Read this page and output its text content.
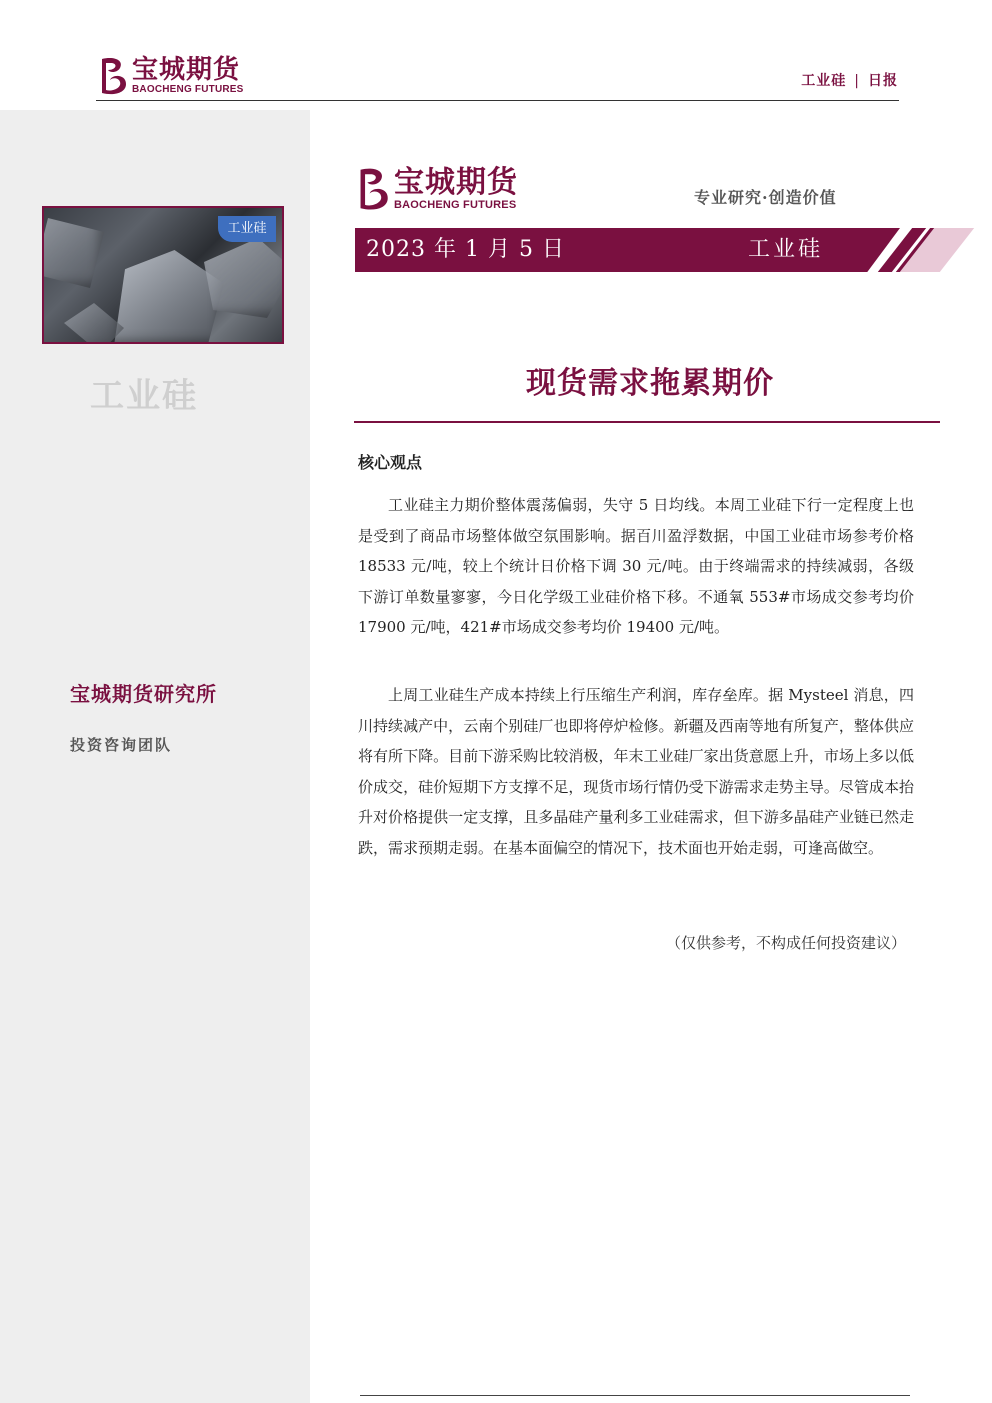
宝城期货
BAOCHENG FUTURES
工业硅 | 日报
工业硅
工业硅
宝城期货研究所
投资咨询团队
宝城期货
BAOCHENG FUTURES	专业研究·创造价值
2023 年 1 月 5 日	工业硅
现货需求拖累期价
核心观点

工业硅主力期价整体震荡偏弱，失守 5 日均线。本周工业硅下行一定程度上也是受到了商品市场整体做空氛围影响。据百川盈浮数据，中国工业硅市场参考价格 18533 元/吨，较上个统计日价格下调 30 元/吨。由于终端需求的持续减弱，各级下游订单数量寥寥，今日化学级工业硅价格下移。不通氧 553#市场成交参考均价 17900 元/吨，421#市场成交参考均价 19400 元/吨。

上周工业硅生产成本持续上行压缩生产利润，库存垒库。据 Mysteel 消息，四川持续减产中，云南个别硅厂也即将停炉检修。新疆及西南等地有所复产，整体供应将有所下降。目前下游采购比较消极，年末工业硅厂家出货意愿上升，市场上多以低价成交，硅价短期下方支撑不足，现货市场行情仍受下游需求走势主导。尽管成本抬升对价格提供一定支撑，且多晶硅产量利多工业硅需求，但下游多晶硅产业链已然走跌，需求预期走弱。在基本面偏空的情况下，技术面也开始走弱，可逢高做空。

（仅供参考，不构成任何投资建议）
